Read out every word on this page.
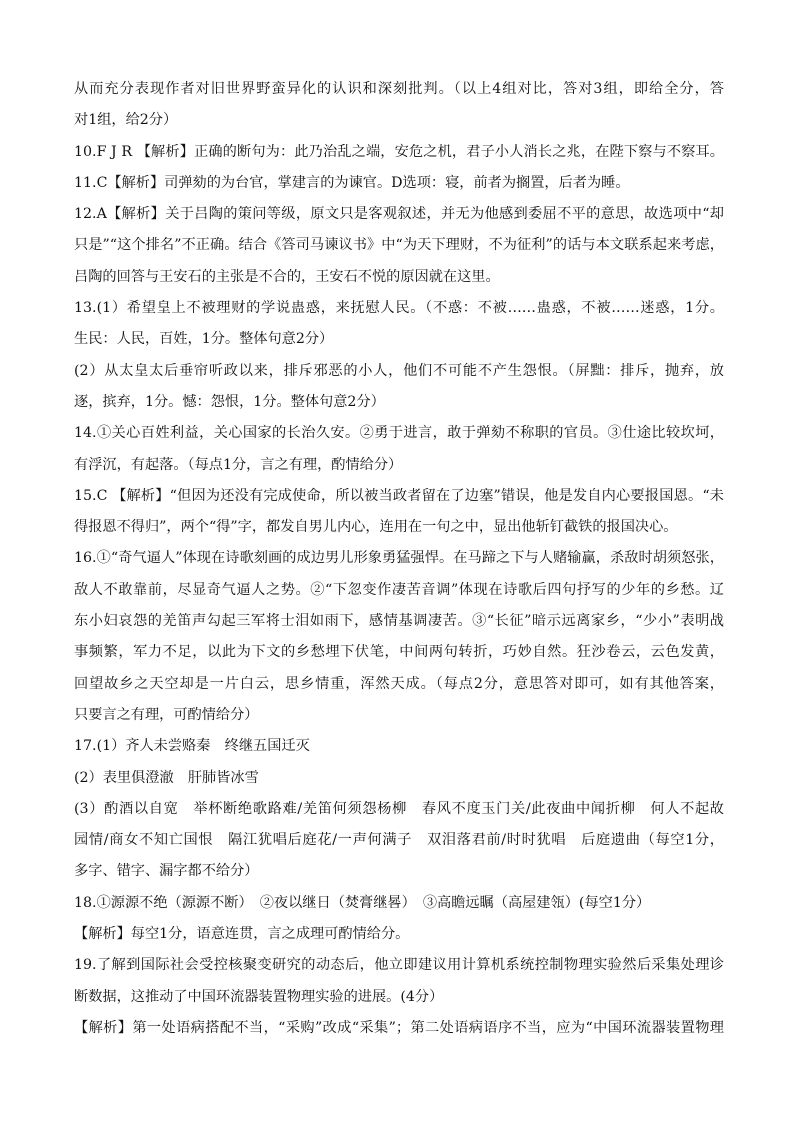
从而充分表现作者对旧世界野蛮异化的认识和深刻批判。（以上4组对比，答对3组，即给全分，答
对1组，给2分）
10.F J R 【解析】正确的断句为：此乃治乱之端，安危之机，君子小人消长之兆，在陛下察与不察耳。
11.C【解析】司弹劾的为台官，掌建言的为谏官。D选项：寝，前者为搁置，后者为睡。
12.A【解析】关于吕陶的策问等级，原文只是客观叙述，并无为他感到委屈不平的意思，故选项中“却
只是”“这个排名”不正确。结合《答司马谏议书》中“为天下理财，不为征利”的话与本文联系起来考虑，
吕陶的回答与王安石的主张是不合的，王安石不悦的原因就在这里。
13.(1）希望皇上不被理财的学说蛊惑，来抚慰人民。（不惑：不被……蛊惑，不被……迷惑，1分。
生民：人民，百姓，1分。整体句意2分）
(2）从太皇太后垂帘听政以来，排斥邪恶的小人，他们不可能不产生怨恨。（屏黜：排斥，抛弃，放
逐，摈弃，1分。憾：怨恨，1分。整体句意2分）
14.①关心百姓利益，关心国家的长治久安。②勇于进言，敢于弹劾不称职的官员。③仕途比较坎坷，
有浮沉，有起落。（每点1分，言之有理，酌情给分）
15.C 【解析】“但因为还没有完成使命，所以被当政者留在了边塞”错误，他是发自内心要报国恩。“未
得报恩不得归”，两个“得”字，都发自男儿内心，连用在一句之中，显出他斩钉截铁的报国决心。
16.①“奇气逼人”体现在诗歌刻画的成边男儿形象勇猛强悍。在马蹄之下与人赌输赢，杀敌时胡须怒张，
敌人不敢靠前，尽显奇气逼人之势。②“下忽变作凄苦音调”体现在诗歌后四句抒写的少年的乡愁。辽
东小妇哀怨的羌笛声勾起三军将士泪如雨下，感情基调凄苦。③“长征”暗示远离家乡，“少小”表明战
事频繁，军力不足，以此为下文的乡愁埋下伏笔，中间两句转折，巧妙自然。狂沙卷云，云色发黄，
回望故乡之天空却是一片白云，思乡情重，浑然天成。（每点2分，意思答对即可，如有其他答案，
只要言之有理，可酌情给分）
17.(1）齐人未尝赂秦　终继五国迁灭
(2）表里俱澄澈　肝肺皆冰雪
(3）酌酒以自宽　举杯断绝歌路难/羌笛何须怨杨柳　春风不度玉门关/此夜曲中闻折柳　何人不起故
园情/商女不知亡国恨　隔江犹唱后庭花/一声何满子　双泪落君前/时时犹唱　后庭遗曲（每空1分，
多字、错字、漏字都不给分）
18.①源源不绝（源源不断）　②夜以继日（焚膏继晷）　③高瞻远瞩（高屋建瓴）(每空1分）
【解析】每空1分，语意连贯，言之成理可酌情给分。
19.了解到国际社会受控核聚变研究的动态后，他立即建议用计算机系统控制物理实验然后采集处理诊
断数据，这推动了中国环流器装置物理实验的进展。(4分）
【解析】第一处语病搭配不当，“采购”改成“采集”；第二处语病语序不当，应为“中国环流器装置物理
